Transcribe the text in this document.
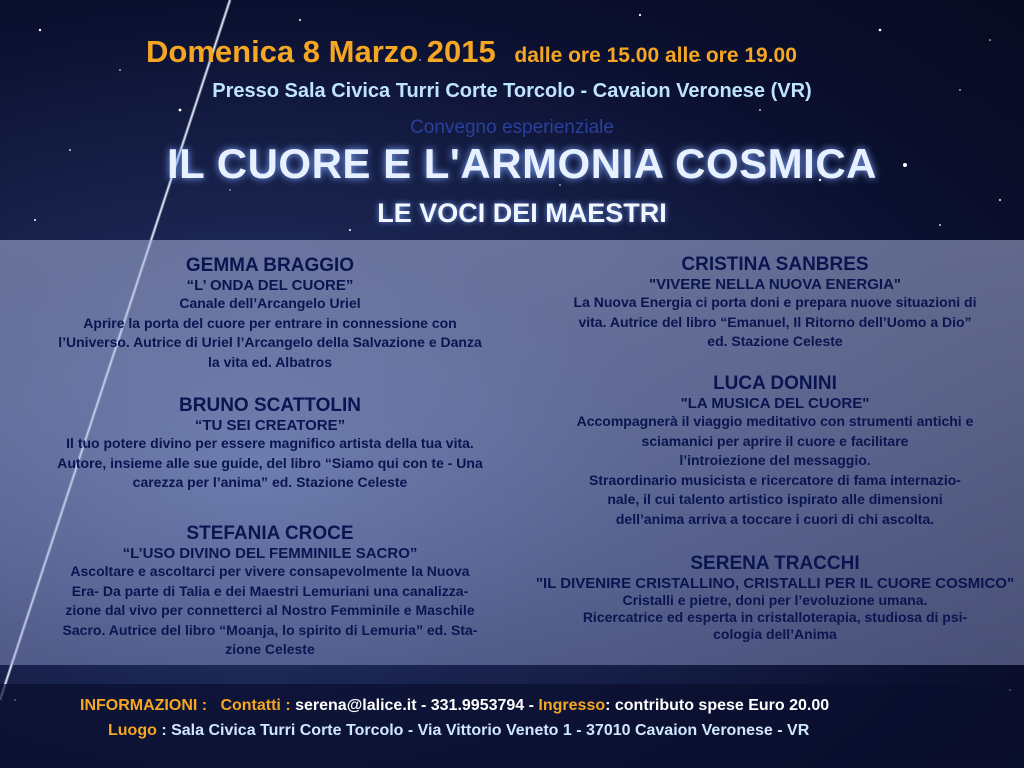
Domenica 8 Marzo 2015 dalle ore 15.00 alle ore 19.00
Presso Sala Civica Turri Corte Torcolo - Cavaion Veronese (VR)
Convegno esperienziale
IL CUORE E L'ARMONIA COSMICA
LE VOCI DEI MAESTRI
GEMMA BRAGGIO
“L’ ONDA DEL CUORE”

Canale dell’Arcangelo Uriel

Aprire la porta del cuore per entrare in connessione con

l’Universo. Autrice di Uriel l’Arcangelo della Salvazione e Danza

la vita ed. Albatros

BRUNO SCATTOLIN
“TU SEI CREATORE”

Il tuo potere divino per essere magnifico artista della tua vita.

Autore, insieme alle sue guide, del libro “Siamo qui con te - Una

carezza per l’anima” ed. Stazione Celeste

STEFANIA CROCE
“L’USO DIVINO DEL FEMMINILE SACRO”

Ascoltare e ascoltarci per vivere consapevolmente la Nuova

Era- Da parte di Talia e dei Maestri Lemuriani una canalizza-

zione dal vivo per connetterci al Nostro Femminile e Maschile

Sacro. Autrice del libro “Moanja, lo spirito di Lemuria” ed. Sta-

zione Celeste

CRISTINA SANBRES
"VIVERE NELLA NUOVA ENERGIA"

La Nuova Energia ci porta doni e prepara nuove situazioni di

vita. Autrice del libro “Emanuel, Il Ritorno dell’Uomo a Dio”

ed. Stazione Celeste

LUCA DONINI
"LA MUSICA DEL CUORE"

Accompagnerà il viaggio meditativo con strumenti antichi e

sciamanici per aprire il cuore e facilitare

l’introiezione del messaggio.

Straordinario musicista e ricercatore di fama internazio-

nale, il cui talento artistico ispirato alle dimensioni

dell’anima arriva a toccare i cuori di chi ascolta.

SERENA TRACCHI
"IL DIVENIRE CRISTALLINO, CRISTALLI PER IL CUORE COSMICO"

Cristalli e pietre, doni per l’evoluzione umana.

Ricercatrice ed esperta in cristalloterapia, studiosa di psi-

cologia dell’Anima

INFORMAZIONI : Contatti : serena@lalice.it - 331.9953794 - Ingresso: contributo spese Euro 20.00
Luogo : Sala Civica Turri Corte Torcolo - Via Vittorio Veneto 1 - 37010 Cavaion Veronese - VR
